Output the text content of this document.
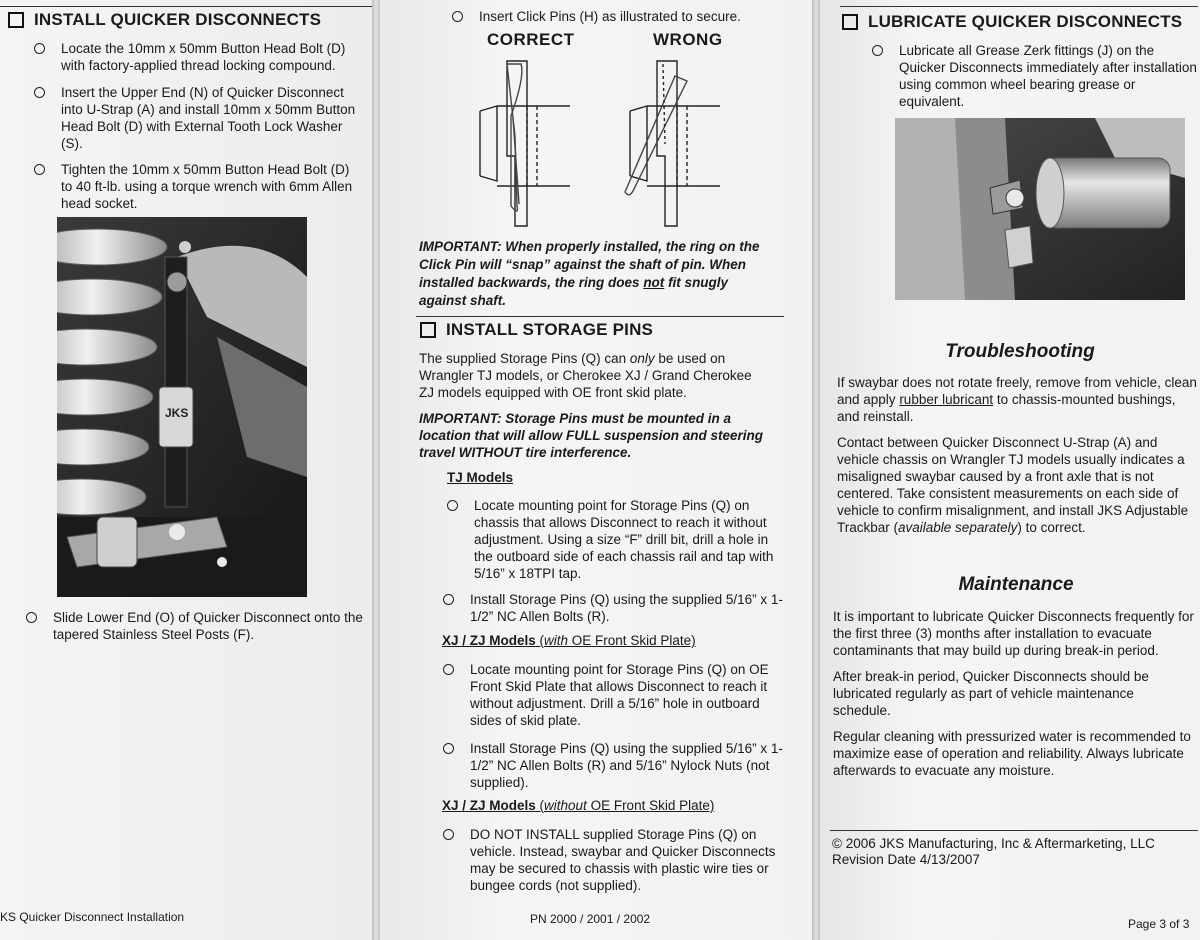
INSTALL QUICKER DISCONNECTS
Locate the 10mm x 50mm Button Head Bolt (D) with factory-applied thread locking compound.
Insert the Upper End (N) of Quicker Disconnect into U-Strap (A) and install 10mm x 50mm Button Head Bolt (D) with External Tooth Lock Washer (S).
Tighten the 10mm x 50mm Button Head Bolt (D) to 40 ft-lb. using a torque wrench with 6mm Allen head socket.
JKS
Slide Lower End (O) of Quicker Disconnect onto the tapered Stainless Steel Posts (F).
KS Quicker Disconnect Installation
Insert Click Pins (H) as illustrated to secure.
CORRECT	WRONG
IMPORTANT: When properly installed, the ring on the Click Pin will “snap” against the shaft of pin. When installed backwards, the ring does not fit snugly against shaft.
INSTALL STORAGE PINS
The supplied Storage Pins (Q) can only be used on Wrangler TJ models, or Cherokee XJ / Grand Cherokee ZJ models equipped with OE front skid plate.
IMPORTANT: Storage Pins must be mounted in a location that will allow FULL suspension and steering travel WITHOUT tire interference.
TJ Models
Locate mounting point for Storage Pins (Q) on chassis that allows Disconnect to reach it without adjustment. Using a size “F” drill bit, drill a hole in the outboard side of each chassis rail and tap with 5/16” x 18TPI tap.
Install Storage Pins (Q) using the supplied 5/16” x 1-1/2” NC Allen Bolts (R).
XJ / ZJ Models (with OE Front Skid Plate)
Locate mounting point for Storage Pins (Q) on OE Front Skid Plate that allows Disconnect to reach it without adjustment. Drill a 5/16” hole in outboard sides of skid plate.
Install Storage Pins (Q) using the supplied 5/16” x 1-1/2” NC Allen Bolts (R) and 5/16” Nylock Nuts (not supplied).
XJ / ZJ Models (without OE Front Skid Plate)
DO NOT INSTALL supplied Storage Pins (Q) on vehicle. Instead, swaybar and Quicker Disconnects may be secured to chassis with plastic wire ties or bungee cords (not supplied).
PN 2000 / 2001 / 2002
LUBRICATE QUICKER DISCONNECTS
Lubricate all Grease Zerk fittings (J) on the Quicker Disconnects immediately after installation using common wheel bearing grease or equivalent.
Troubleshooting
If swaybar does not rotate freely, remove from vehicle, clean and apply rubber lubricant to chassis-mounted bushings, and reinstall.
Contact between Quicker Disconnect U-Strap (A) and vehicle chassis on Wrangler TJ models usually indicates a misaligned swaybar caused by a front axle that is not centered. Take consistent measurements on each side of vehicle to confirm misalignment, and install JKS Adjustable Trackbar (available separately) to correct.
Maintenance
It is important to lubricate Quicker Disconnects frequently for the first three (3) months after installation to evacuate contaminants that may build up during break-in period.
After break-in period, Quicker Disconnects should be lubricated regularly as part of vehicle maintenance schedule.
Regular cleaning with pressurized water is recommended to maximize ease of operation and reliability. Always lubricate afterwards to evacuate any moisture.
© 2006 JKS Manufacturing, Inc & Aftermarketing, LLC
Revision Date 4/13/2007
Page 3 of 3
